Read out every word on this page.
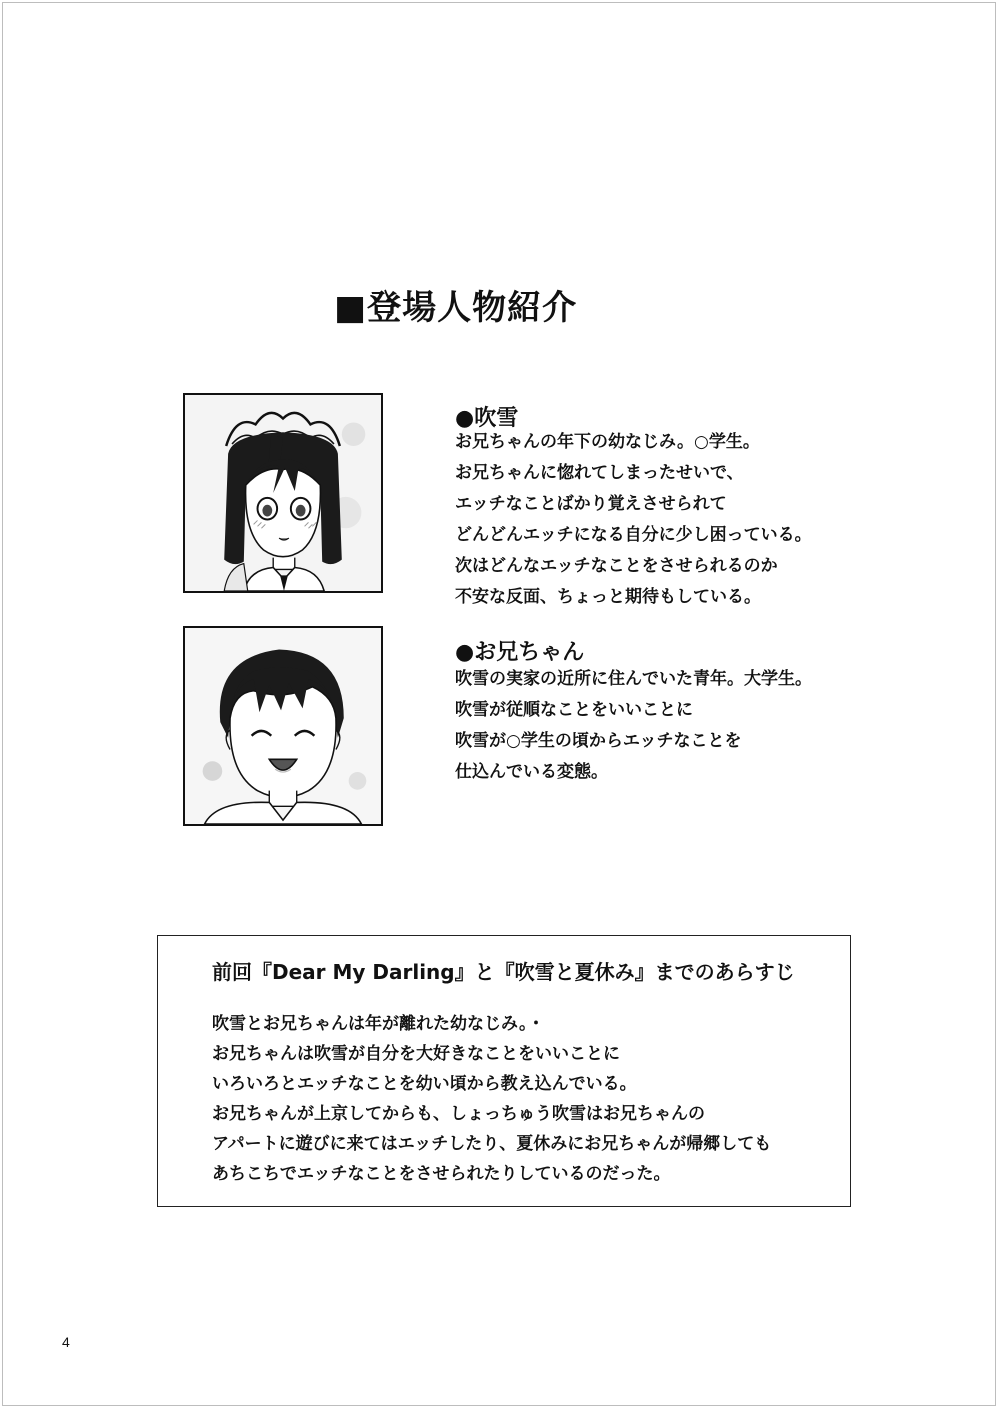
■登場人物紹介
●吹雪
お兄ちゃんの年下の幼なじみ。○学生。
お兄ちゃんに惚れてしまったせいで、
エッチなことばかり覚えさせられて
どんどんエッチになる自分に少し困っている。
次はどんなエッチなことをさせられるのか
不安な反面、ちょっと期待もしている。
●お兄ちゃん
吹雪の実家の近所に住んでいた青年。大学生。
吹雪が従順なことをいいことに
吹雪が○学生の頃からエッチなことを
仕込んでいる変態。
前回『Dear My Darling』と『吹雪と夏休み』までのあらすじ
吹雪とお兄ちゃんは年が離れた幼なじみ。・
お兄ちゃんは吹雪が自分を大好きなことをいいことに
いろいろとエッチなことを幼い頃から教え込んでいる。
お兄ちゃんが上京してからも、しょっちゅう吹雪はお兄ちゃんの
アパートに遊びに来てはエッチしたり、夏休みにお兄ちゃんが帰郷しても
あちこちでエッチなことをさせられたりしているのだった。
4
